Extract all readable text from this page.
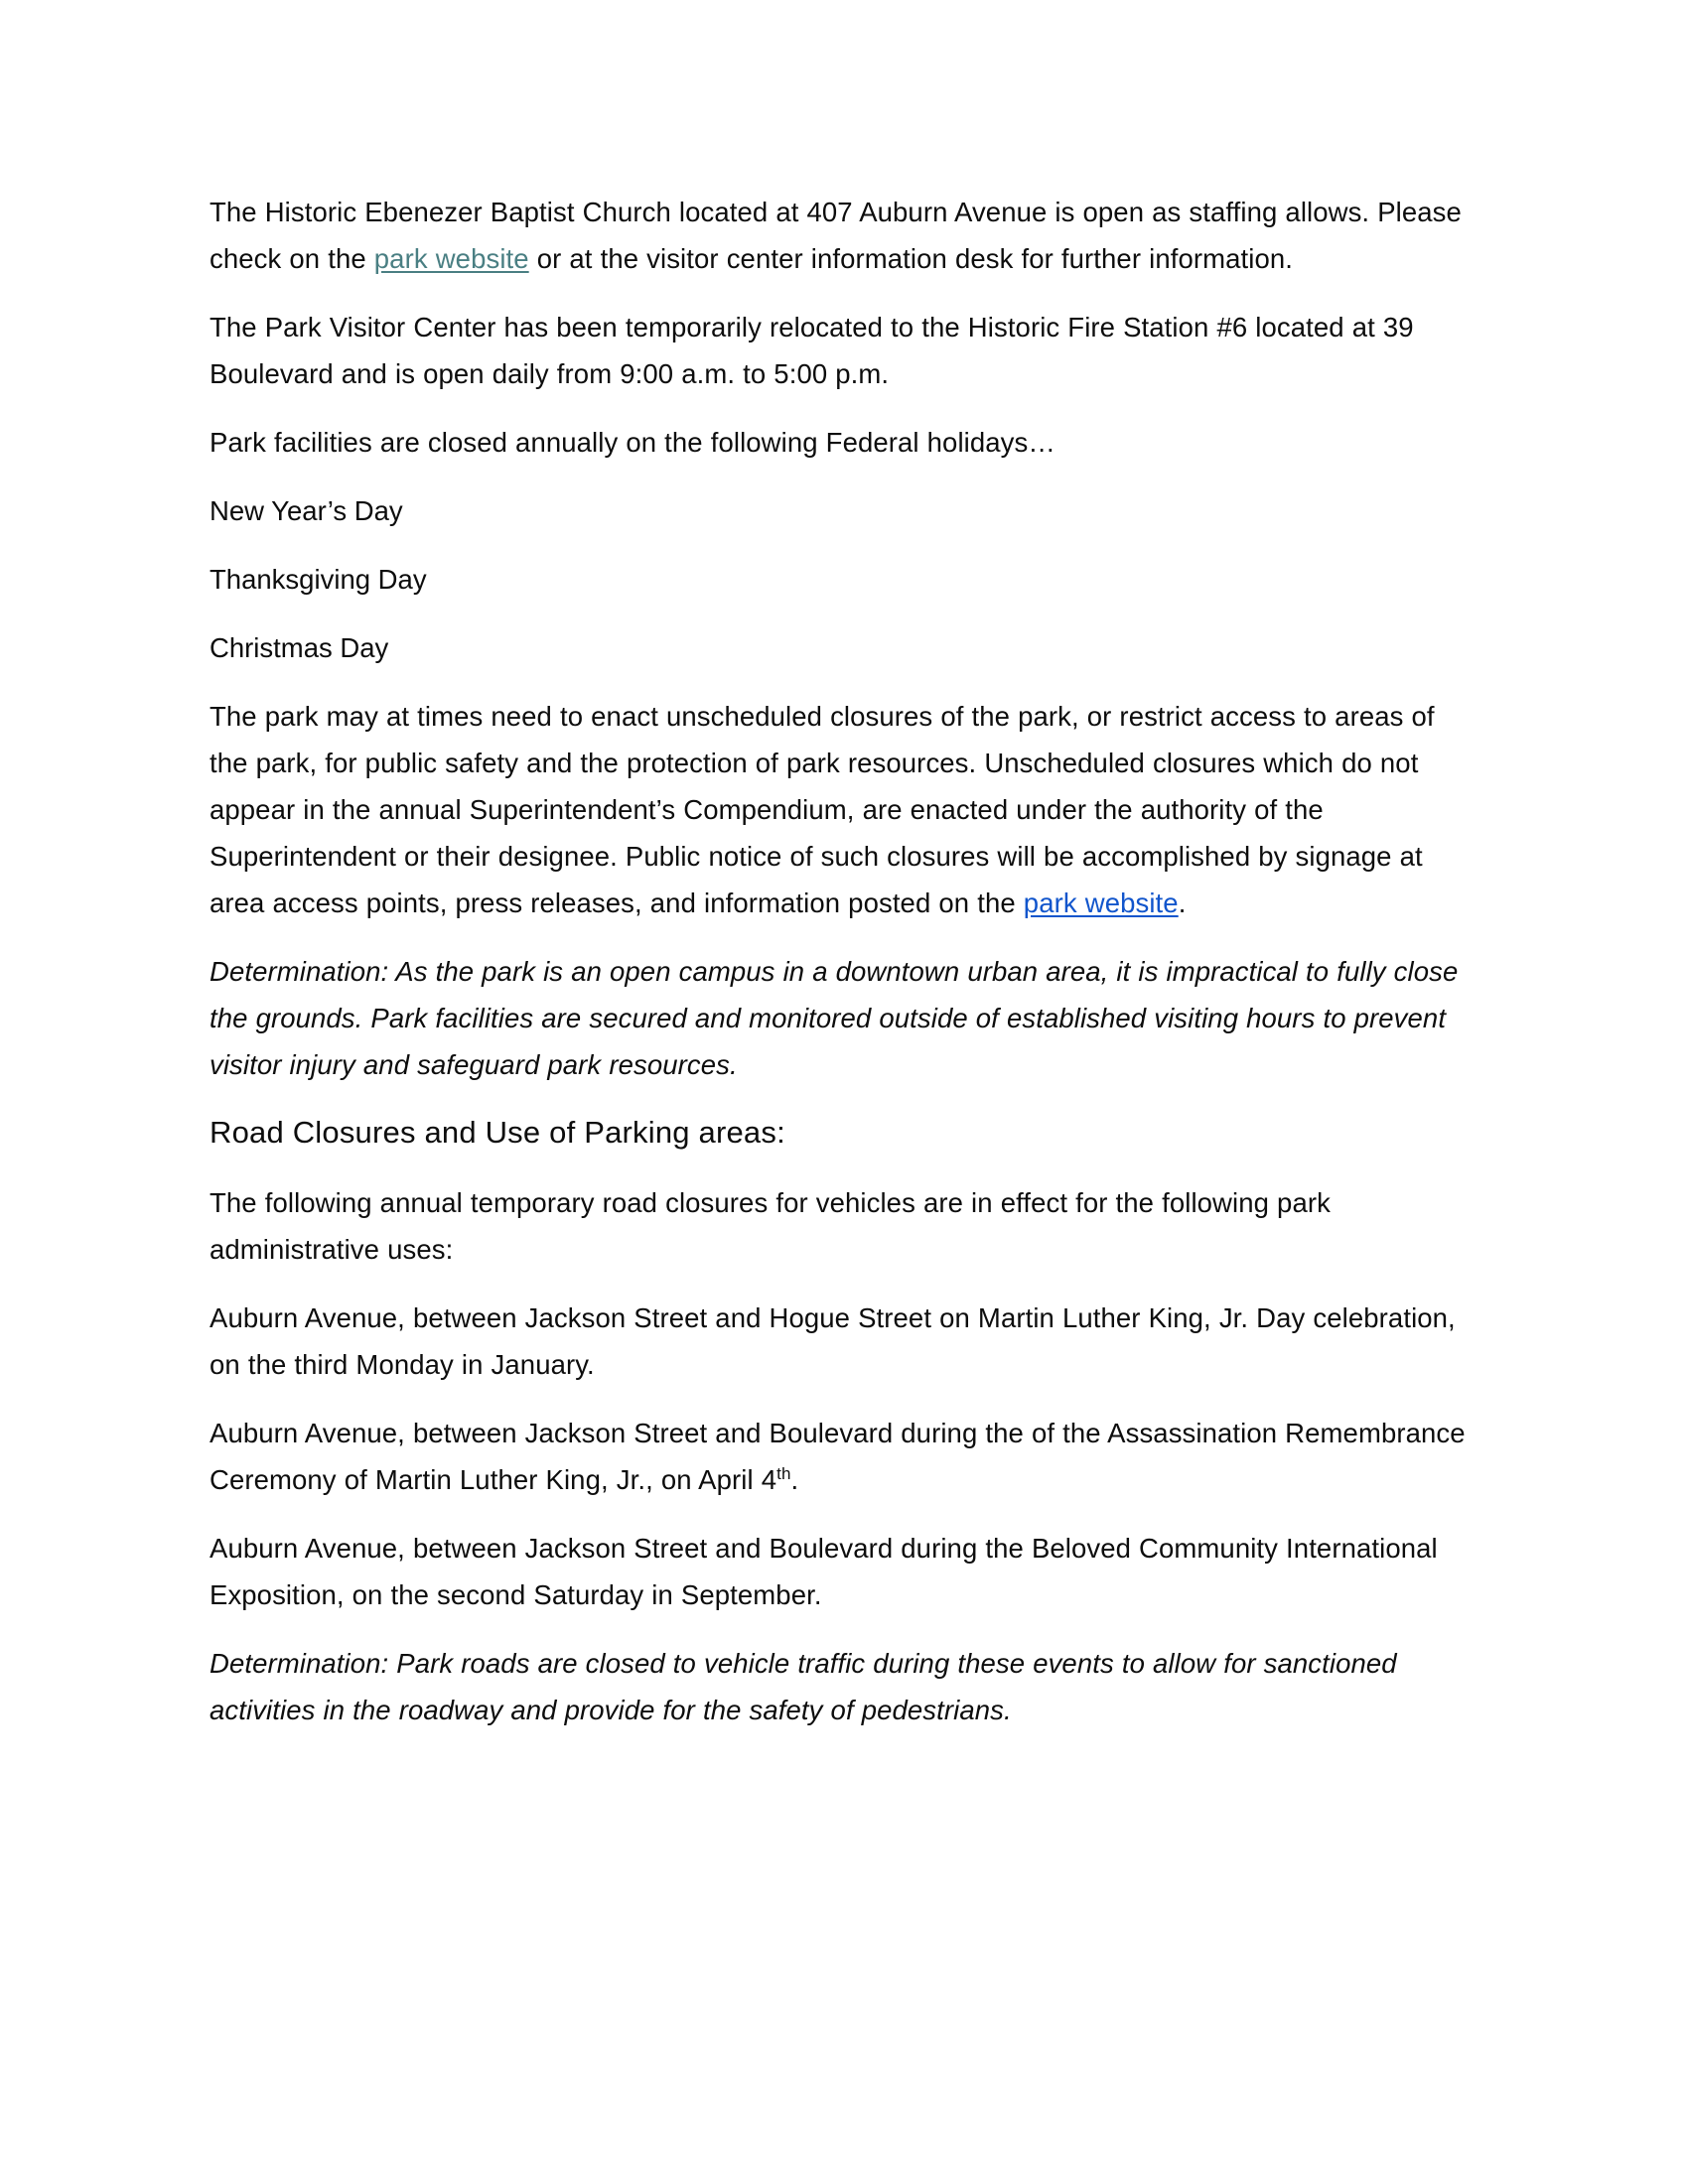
The Historic Ebenezer Baptist Church located at 407 Auburn Avenue is open as staffing allows. Please check on the park website or at the visitor center information desk for further information.

The Park Visitor Center has been temporarily relocated to the Historic Fire Station #6 located at 39 Boulevard and is open daily from 9:00 a.m. to 5:00 p.m.

Park facilities are closed annually on the following Federal holidays…

New Year’s Day

Thanksgiving Day

Christmas Day

The park may at times need to enact unscheduled closures of the park, or restrict access to areas of the park, for public safety and the protection of park resources. Unscheduled closures which do not appear in the annual Superintendent’s Compendium, are enacted under the authority of the Superintendent or their designee. Public notice of such closures will be accomplished by signage at area access points, press releases, and information posted on the park website.

Determination: As the park is an open campus in a downtown urban area, it is impractical to fully close the grounds. Park facilities are secured and monitored outside of established visiting hours to prevent visitor injury and safeguard park resources.

Road Closures and Use of Parking areas:

The following annual temporary road closures for vehicles are in effect for the following park administrative uses:

Auburn Avenue, between Jackson Street and Hogue Street on Martin Luther King, Jr. Day celebration, on the third Monday in January.

Auburn Avenue, between Jackson Street and Boulevard during the of the Assassination Remembrance Ceremony of Martin Luther King, Jr., on April 4th.

Auburn Avenue, between Jackson Street and Boulevard during the Beloved Community International Exposition, on the second Saturday in September.

Determination: Park roads are closed to vehicle traffic during these events to allow for sanctioned activities in the roadway and provide for the safety of pedestrians.
